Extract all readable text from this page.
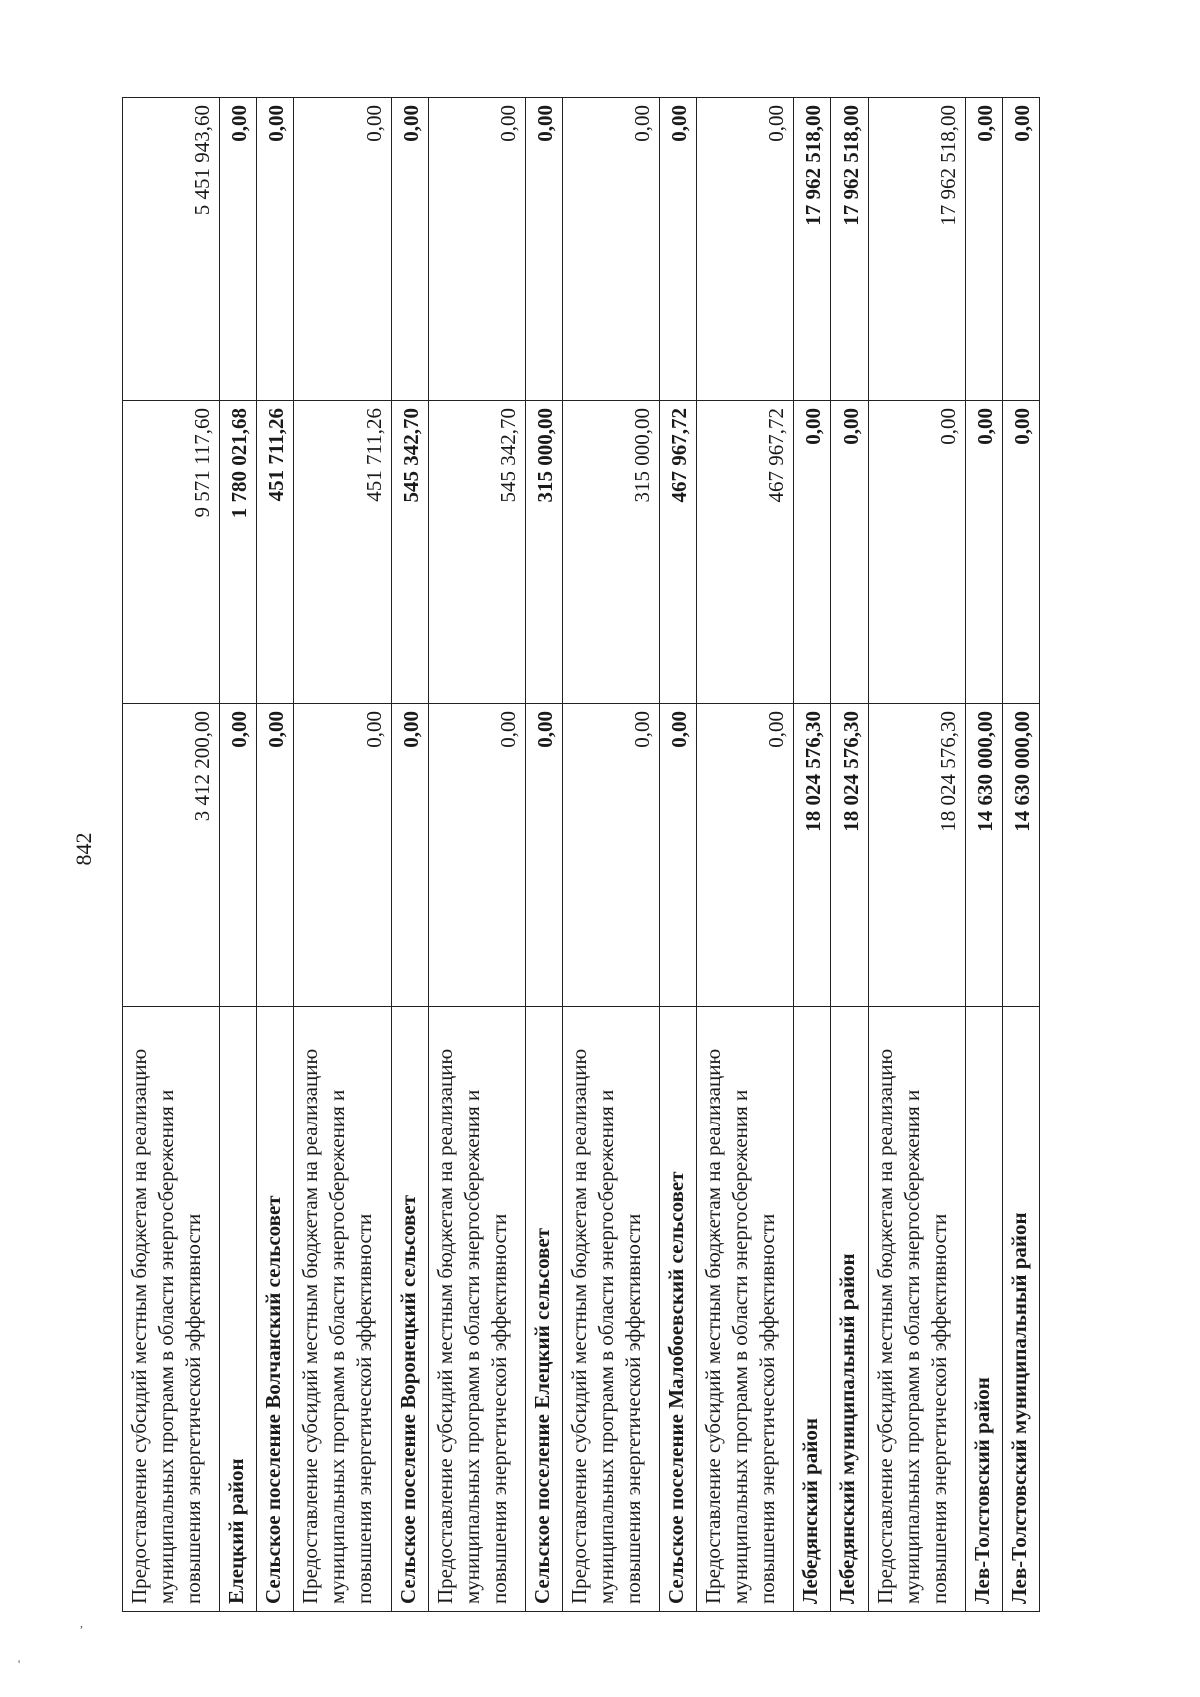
842
,
'
Предоставление субсидий местным бюджетам на реализацию муниципальных программ в области энергосбережения и повышения энергетической эффективности	3 412 200,00	9 571 117,60	5 451 943,60
Елецкий район	0,00	1 780 021,68	0,00
Сельское поселение Волчанский сельсовет	0,00	451 711,26	0,00
Предоставление субсидий местным бюджетам на реализацию муниципальных программ в области энергосбережения и повышения энергетической эффективности	0,00	451 711,26	0,00
Сельское поселение Воронецкий сельсовет	0,00	545 342,70	0,00
Предоставление субсидий местным бюджетам на реализацию муниципальных программ в области энергосбережения и повышения энергетической эффективности	0,00	545 342,70	0,00
Сельское поселение Елецкий сельсовет	0,00	315 000,00	0,00
Предоставление субсидий местным бюджетам на реализацию муниципальных программ в области энергосбережения и повышения энергетической эффективности	0,00	315 000,00	0,00
Сельское поселение Малобоевский сельсовет	0,00	467 967,72	0,00
Предоставление субсидий местным бюджетам на реализацию муниципальных программ в области энергосбережения и повышения энергетической эффективности	0,00	467 967,72	0,00
Лебедянский район	18 024 576,30	0,00	17 962 518,00
Лебедянский муниципальный район	18 024 576,30	0,00	17 962 518,00
Предоставление субсидий местным бюджетам на реализацию муниципальных программ в области энергосбережения и повышения энергетической эффективности	18 024 576,30	0,00	17 962 518,00
Лев-Толстовский район	14 630 000,00	0,00	0,00
Лев-Толстовский муниципальный район	14 630 000,00	0,00	0,00
